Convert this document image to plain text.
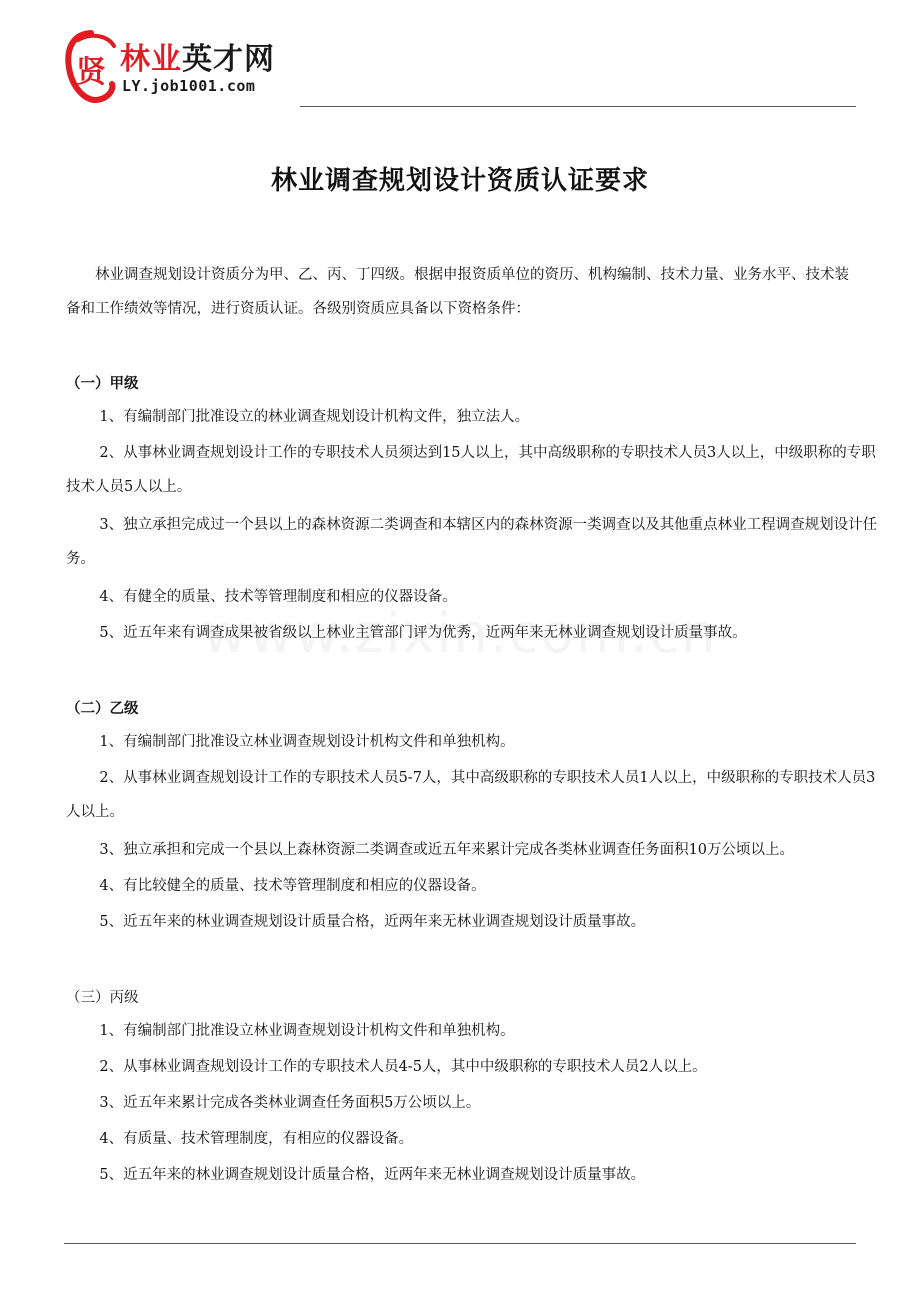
贤 林业英才网
LY.job1001.com
林业调查规划设计资质认证要求

林业调查规划设计资质分为甲、乙、丙、丁四级。根据申报资质单位的资历、机构编制、技术力量、业务水平、技术装备和工作绩效等情况，进行资质认证。各级别资质应具备以下资格条件：

（一）甲级

1、有编制部门批准设立的林业调查规划设计机构文件，独立法人。

2、从事林业调查规划设计工作的专职技术人员须达到15人以上，其中高级职称的专职技术人员3人以上，中级职称的专职技术人员5人以上。

3、独立承担完成过一个县以上的森林资源二类调查和本辖区内的森林资源一类调查以及其他重点林业工程调查规划设计任务。

4、有健全的质量、技术等管理制度和相应的仪器设备。

5、近五年来有调查成果被省级以上林业主管部门评为优秀，近两年来无林业调查规划设计质量事故。

（二）乙级

1、有编制部门批准设立林业调查规划设计机构文件和单独机构。

2、从事林业调查规划设计工作的专职技术人员5-7人，其中高级职称的专职技术人员1人以上，中级职称的专职技术人员3人以上。

3、独立承担和完成一个县以上森林资源二类调查或近五年来累计完成各类林业调查任务面积10万公顷以上。

4、有比较健全的质量、技术等管理制度和相应的仪器设备。

5、近五年来的林业调查规划设计质量合格，近两年来无林业调查规划设计质量事故。

（三）丙级

1、有编制部门批准设立林业调查规划设计机构文件和单独机构。

2、从事林业调查规划设计工作的专职技术人员4-5人，其中中级职称的专职技术人员2人以上。

3、近五年来累计完成各类林业调查任务面积5万公顷以上。

4、有质量、技术管理制度，有相应的仪器设备。

5、近五年来的林业调查规划设计质量合格，近两年来无林业调查规划设计质量事故。
